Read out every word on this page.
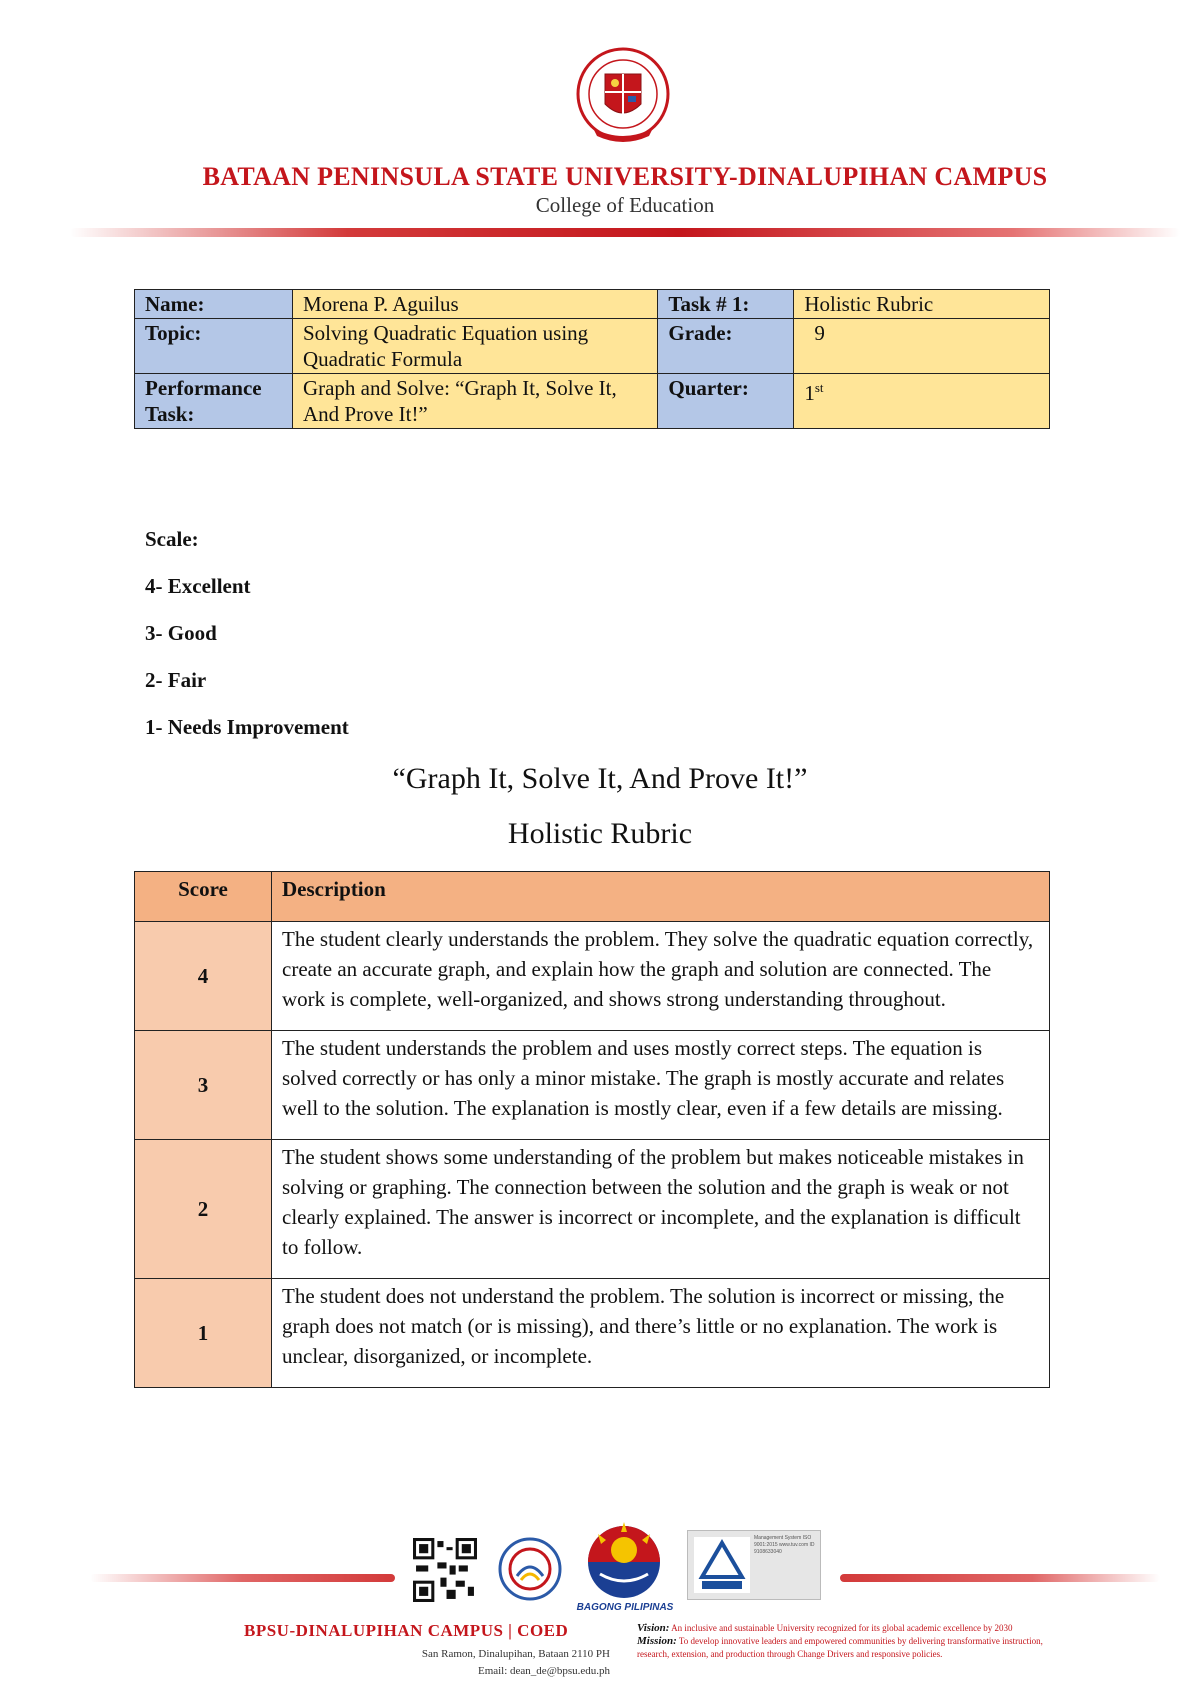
BATAAN PENINSULA STATE UNIVERSITY-DINALUPIHAN CAMPUS
College of Education
Name:	Morena P. Aguilus	Task # 1:	Holistic Rubric
Topic:	Solving Quadratic Equation using Quadratic Formula	Grade:	9
Performance Task:	Graph and Solve: “Graph It, Solve It, And Prove It!”	Quarter:	1st
Scale:
4- Excellent
3- Good
2- Fair
1- Needs Improvement
“Graph It, Solve It, And Prove It!”
Holistic Rubric
Score	Description
4	The student clearly understands the problem. They solve the quadratic equation correctly, create an accurate graph, and explain how the graph and solution are connected. The work is complete, well-organized, and shows strong understanding throughout.
3	The student understands the problem and uses mostly correct steps. The equation is solved correctly or has only a minor mistake. The graph is mostly accurate and relates well to the solution. The explanation is mostly clear, even if a few details are missing.
2	The student shows some understanding of the problem but makes noticeable mistakes in solving or graphing. The connection between the solution and the graph is weak or not clearly explained. The answer is incorrect or incomplete, and the explanation is difficult to follow.
1	The student does not understand the problem. The solution is incorrect or missing, the graph does not match (or is missing), and there’s little or no explanation. The work is unclear, disorganized, or incomplete.
BAGONG PILIPINAS
Management System ISO 9001:2015 www.tuv.com ID 9108633040
BPSU-DINALUPIHAN CAMPUS | COED
San Ramon, Dinalupihan, Bataan 2110 PH
Email: dean_de@bpsu.edu.ph
Vision: An inclusive and sustainable University recognized for its global academic excellence by 2030
Mission: To develop innovative leaders and empowered communities by delivering transformative instruction, research, extension, and production through Change Drivers and responsive policies.
